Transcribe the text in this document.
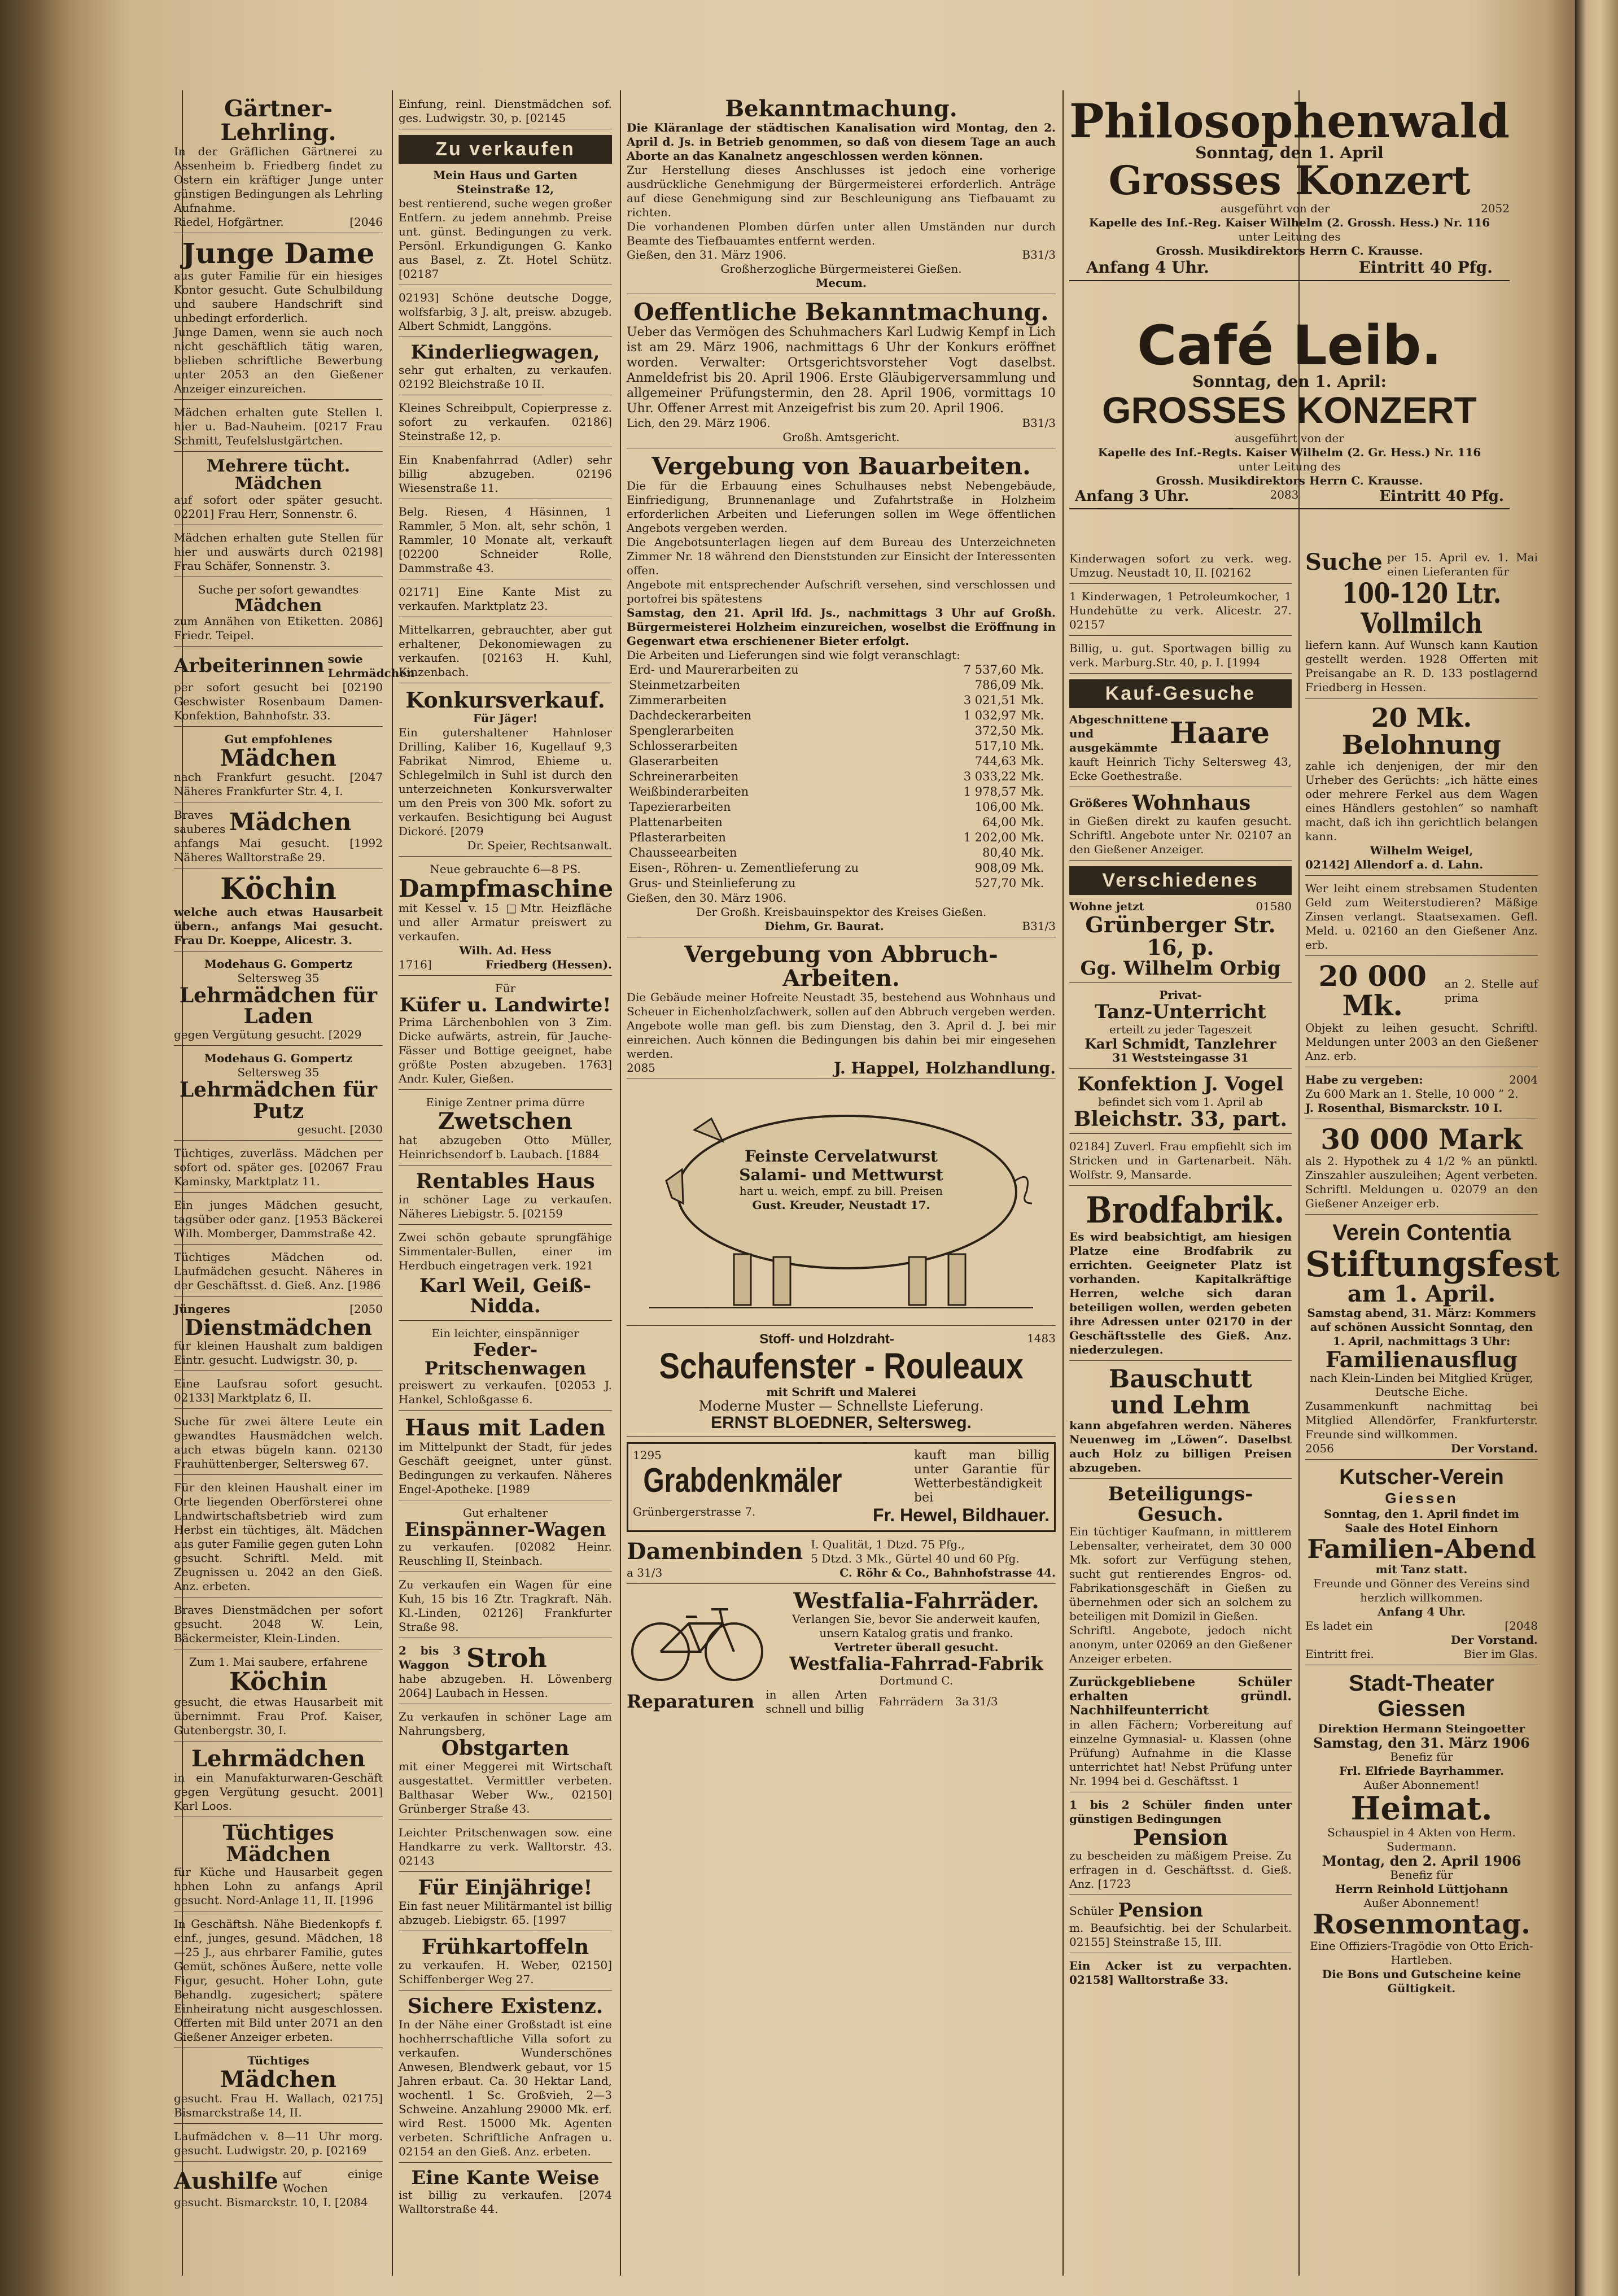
Gärtner-Lehrling.
In der Gräflichen Gärtnerei zu Assenheim b. Friedberg findet zu Ostern ein kräftiger Junge unter günstigen Bedingungen als Lehrling Aufnahme.
Riedel, Hofgärtner.	[2046
Junge Dame
aus guter Familie für ein hiesiges Kontor gesucht. Gute Schulbildung und saubere Handschrift sind unbedingt erforderlich.
Junge Damen, wenn sie auch noch nicht geschäftlich tätig waren, belieben schriftliche Bewerbung unter 2053 an den Gießener Anzeiger einzureichen.
Mädchen erhalten gute Stellen l. hier u. Bad-Nauheim. [0217 Frau Schmitt, Teufelslustgärtchen.
Mehrere tücht. Mädchen
auf sofort oder später gesucht. 02201] Frau Herr, Sonnenstr. 6.
Mädchen erhalten gute Stellen für hier und auswärts durch 02198] Frau Schäfer, Sonnenstr. 3.
Suche per sofort gewandtes
Mädchen
zum Annähen von Etiketten. 2086] Friedr. Teipel.
Arbeiterinnen sowie Lehrmädchen
per sofort gesucht bei [02190 Geschwister Rosenbaum Damen-Konfektion, Bahnhofstr. 33.
Gut empfohlenes
Mädchen
nach Frankfurt gesucht. [2047 Näheres Frankfurter Str. 4, I.
Braves sauberes Mädchen
anfangs Mai gesucht. [1992 Näheres Walltorstraße 29.
Köchin
welche auch etwas Hausarbeit übern., anfangs Mai gesucht. Frau Dr. Koeppe, Alicestr. 3.
Modehaus G. Gompertz
Seltersweg 35
Lehrmädchen für Laden
gegen Vergütung gesucht. [2029
Modehaus G. Gompertz
Seltersweg 35
Lehrmädchen für Putz
gesucht. [2030
Tüchtiges, zuverläss. Mädchen per sofort od. später ges. [02067 Frau Kaminsky, Marktplatz 11.
Ein junges Mädchen gesucht, tagsüber oder ganz. [1953 Bäckerei Wilh. Momberger, Dammstraße 42.
Tüchtiges Mädchen od. Laufmädchen gesucht. Näheres in der Geschäftsst. d. Gieß. Anz. [1986
Jüngeres	[2050
Dienstmädchen
für kleinen Haushalt zum baldigen Eintr. gesucht. Ludwigstr. 30, p.
Eine Laufsrau sofort gesucht. 02133] Marktplatz 6, II.
Suche für zwei ältere Leute ein gewandtes Hausmädchen welch. auch etwas bügeln kann. 02130 Frauhüttenberger, Seltersweg 67.
Für den kleinen Haushalt einer im Orte liegenden Oberförsterei ohne Landwirtschaftsbetrieb wird zum Herbst ein tüchtiges, ält. Mädchen aus guter Familie gegen guten Lohn gesucht. Schriftl. Meld. mit Zeugnissen u. 2042 an den Gieß. Anz. erbeten.
Braves Dienstmädchen per sofort gesucht. 2048 W. Lein, Bäckermeister, Klein-Linden.
Zum 1. Mai saubere, erfahrene
Köchin
gesucht, die etwas Hausarbeit mit übernimmt. Frau Prof. Kaiser, Gutenbergstr. 30, I.
Lehrmädchen
in ein Manufakturwaren-Geschäft gegen Vergütung gesucht. 2001] Karl Loos.
Tüchtiges Mädchen
für Küche und Hausarbeit gegen hohen Lohn zu anfangs April gesucht. Nord-Anlage 11, II. [1996
In Geschäftsh. Nähe Biedenkopfs f. einf., junges, gesund. Mädchen, 18—25 J., aus ehrbarer Familie, gutes Gemüt, schönes Äußere, nette volle Figur, gesucht. Hoher Lohn, gute Behandlg. zugesichert; spätere Einheiratung nicht ausgeschlossen. Offerten mit Bild unter 2071 an den Gießener Anzeiger erbeten.
Tüchtiges
Mädchen
gesucht. Frau H. Wallach, 02175] Bismarckstraße 14, II.
Laufmädchen v. 8—11 Uhr morg. gesucht. Ludwigstr. 20, p. [02169
Aushilfe auf einige Wochen
gesucht. Bismarckstr. 10, I. [2084
Einfung, reinl. Dienstmädchen sof. ges. Ludwigstr. 30, p. [02145
Zu verkaufen
Mein Haus und Garten Steinstraße 12,
best rentierend, suche wegen großer Entfern. zu jedem annehmb. Preise unt. günst. Bedingungen zu verk. Persönl. Erkundigungen G. Kanko aus Basel, z. Zt. Hotel Schütz. [02187
02193] Schöne deutsche Dogge, wolfsfarbig, 3 J. alt, preisw. abzugeb. Albert Schmidt, Langgöns.
Kinderliegwagen,
sehr gut erhalten, zu verkaufen. 02192 Bleichstraße 10 II.
Kleines Schreibpult, Copierpresse z. sofort zu verkaufen. 02186] Steinstraße 12, p.
Ein Knabenfahrrad (Adler) sehr billig abzugeben. 02196 Wiesenstraße 11.
Belg. Riesen, 4 Häsinnen, 1 Rammler, 5 Mon. alt, sehr schön, 1 Rammler, 10 Monate alt, verkauft [02200 Schneider Rolle, Dammstraße 43.
02171] Eine Kante Mist zu verkaufen. Marktplatz 23.
Mittelkarren, gebrauchter, aber gut erhaltener, Dekonomiewagen zu verkaufen. [02163 H. Kuhl, Kinzenbach.
Konkursverkauf.
Für Jäger!
Ein gutershaltener Hahnloser Drilling, Kaliber 16, Kugellauf 9,3 Fabrikat Nimrod, Ehieme u. Schlegelmilch in Suhl ist durch den unterzeichneten Konkursverwalter um den Preis von 300 Mk. sofort zu verkaufen. Besichtigung bei August Dickoré. [2079
Dr. Speier, Rechtsanwalt.
Neue gebrauchte 6—8 PS.
Dampfmaschine
mit Kessel v. 15 □Mtr. Heizfläche und aller Armatur preiswert zu verkaufen.
Wilh. Ad. Hess
1716]	Friedberg (Hessen).
Für
Küfer u. Landwirte!
Prima Lärchenbohlen von 3 Zim. Dicke aufwärts, astrein, für Jauche-Fässer und Bottige geeignet, habe größte Posten abzugeben. 1763] Andr. Kuler, Gießen.
Einige Zentner prima dürre
Zwetschen
hat abzugeben Otto Müller, Heinrichsendorf b. Laubach. [1884
Rentables Haus
in schöner Lage zu verkaufen. Näheres Liebigstr. 5. [02159
Zwei schön gebaute sprungfähige Simmentaler-Bullen, einer im Herdbuch eingetragen verk. 1921
Karl Weil, Geiß-Nidda.
Ein leichter, einspänniger
Feder-Pritschenwagen
preiswert zu verkaufen. [02053 J. Hankel, Schloßgasse 6.
Haus mit Laden
im Mittelpunkt der Stadt, für jedes Geschäft geeignet, unter günst. Bedingungen zu verkaufen. Näheres Engel-Apotheke. [1989
Gut erhaltener
Einspänner-Wagen
zu verkaufen. [02082 Heinr. Reuschling II, Steinbach.
Zu verkaufen ein Wagen für eine Kuh, 15 bis 16 Ztr. Tragkraft. Näh. Kl.-Linden, 02126] Frankfurter Straße 98.
2 bis 3 Waggon Stroh
habe abzugeben. H. Löwenberg 2064] Laubach in Hessen.
Zu verkaufen in schöner Lage am Nahrungsberg,
Obstgarten
mit einer Meggerei mit Wirtschaft ausgestattet. Vermittler verbeten. Balthasar Weber Ww., 02150] Grünberger Straße 43.
Leichter Pritschenwagen sow. eine Handkarre zu verk. Walltorstr. 43. 02143
Für Einjährige!
Ein fast neuer Militärmantel ist billig abzugeb. Liebigstr. 65. [1997
Frühkartoffeln
zu verkaufen. H. Weber, 02150] Schiffenberger Weg 27.
Sichere Existenz.
In der Nähe einer Großstadt ist eine hochherrschaftliche Villa sofort zu verkaufen. Wunderschönes Anwesen, Blendwerk gebaut, vor 15 Jahren erbaut. Ca. 30 Hektar Land, wochentl. 1 Sc. Großvieh, 2—3 Schweine. Anzahlung 29000 Mk. erf. wird Rest. 15000 Mk. Agenten verbeten. Schriftliche Anfragen u. 02154 an den Gieß. Anz. erbeten.
Eine Kante Weise
ist billig zu verkaufen. [2074 Walltorstraße 44.
Bekanntmachung.
Die Kläranlage der städtischen Kanalisation wird Montag, den 2. April d. Js. in Betrieb genommen, so daß von diesem Tage an auch Aborte an das Kanalnetz angeschlossen werden können.
Zur Herstellung dieses Anschlusses ist jedoch eine vorherige ausdrückliche Genehmigung der Bürgermeisterei erforderlich. Anträge auf diese Genehmigung sind zur Beschleunigung ans Tiefbauamt zu richten.
Die vorhandenen Plomben dürfen unter allen Umständen nur durch Beamte des Tiefbauamtes entfernt werden.
Gießen, den 31. März 1906.	B31/3
Großherzogliche Bürgermeisterei Gießen.
Mecum.
Oeffentliche Bekanntmachung.
Ueber das Vermögen des Schuhmachers Karl Ludwig Kempf in Lich ist am 29. März 1906, nachmittags 6 Uhr der Konkurs eröffnet worden. Verwalter: Ortsgerichtsvorsteher Vogt daselbst. Anmeldefrist bis 20. April 1906. Erste Gläubigerversammlung und allgemeiner Prüfungstermin, den 28. April 1906, vormittags 10 Uhr. Offener Arrest mit Anzeigefrist bis zum 20. April 1906.
Lich, den 29. März 1906.	B31/3
Großh. Amtsgericht.
Vergebung von Bauarbeiten.
Die für die Erbauung eines Schulhauses nebst Nebengebäude, Einfriedigung, Brunnenanlage und Zufahrtstraße in Holzheim erforderlichen Arbeiten und Lieferungen sollen im Wege öffentlichen Angebots vergeben werden.
Die Angebotsunterlagen liegen auf dem Bureau des Unterzeichneten Zimmer Nr. 18 während den Dienststunden zur Einsicht der Interessenten offen.
Angebote mit entsprechender Aufschrift versehen, sind verschlossen und portofrei bis spätestens
Samstag, den 21. April lfd. Js., nachmittags 3 Uhr auf Großh. Bürgermeisterei Holzheim einzureichen, woselbst die Eröffnung in Gegenwart etwa erschienener Bieter erfolgt.
Die Arbeiten und Lieferungen sind wie folgt veranschlagt:
Erd- und Maurerarbeiten zu	7 537,60	Mk.
Steinmetzarbeiten	786,09	Mk.
Zimmerarbeiten	3 021,51	Mk.
Dachdeckerarbeiten	1 032,97	Mk.
Spenglerarbeiten	372,50	Mk.
Schlosserarbeiten	517,10	Mk.
Glaserarbeiten	744,63	Mk.
Schreinerarbeiten	3 033,22	Mk.
Weißbinderarbeiten	1 978,57	Mk.
Tapezierarbeiten	106,00	Mk.
Plattenarbeiten	64,00	Mk.
Pflasterarbeiten	1 202,00	Mk.
Chausseearbeiten	80,40	Mk.
Eisen-, Röhren- u. Zementlieferung zu	908,09	Mk.
Grus- und Steinlieferung zu	527,70	Mk.
Gießen, den 30. März 1906.
Der Großh. Kreisbauinspektor des Kreises Gießen.
Diehm, Gr. Baurat.	B31/3
Vergebung von Abbruch-Arbeiten.
Die Gebäude meiner Hofreite Neustadt 35, bestehend aus Wohnhaus und Scheuer in Eichenholzfachwerk, sollen auf den Abbruch vergeben werden.
Angebote wolle man gefl. bis zum Dienstag, den 3. April d. J. bei mir einreichen. Auch können die Bedingungen bis dahin bei mir eingesehen werden.
2085	J. Happel, Holzhandlung.
Feinste Cervelatwurst Salami- und Mettwurst
hart u. weich, empf. zu bill. Preisen
Gust. Kreuder, Neustadt 17.
Stoff- und Holzdraht-	1483
Schaufenster - Rouleaux
mit Schrift und Malerei
Moderne Muster — Schnellste Lieferung.
ERNST BLOEDNER, Seltersweg.
1295
Grabdenkmäler
kauft man billig unter Garantie für Wetterbeständigkeit bei
Grünbergerstrasse 7.	Fr. Hewel, Bildhauer.
Damenbinden I. Qualität, 1 Dtzd. 75 Pfg.,
5 Dtzd. 3 Mk., Gürtel 40 und 60 Pfg.
a 31/3	C. Röhr & Co., Bahnhofstrasse 44.
Westfalia-Fahrräder.
Verlangen Sie, bevor Sie anderweit kaufen, unsern Katalog gratis und franko.
Vertreter überall gesucht.
Westfalia-Fahrrad-Fabrik
Dortmund C.
Reparaturen in allen Arten schnell und billig
Fahrrädern 3a 31/3
Philosophenwald
Sonntag, den 1. April
Grosses Konzert
ausgeführt von der	2052
Kapelle des Inf.-Reg. Kaiser Wilhelm (2. Grossh. Hess.) Nr. 116
unter Leitung des
Grossh. Musikdirektors Herrn C. Krausse.
Anfang 4 Uhr.	Eintritt 40 Pfg.
Café Leib.
Sonntag, den 1. April:
GROSSES KONZERT
ausgeführt von der
Kapelle des Inf.-Regts. Kaiser Wilhelm (2. Gr. Hess.) Nr. 116
unter Leitung des
Grossh. Musikdirektors Herrn C. Krausse.
Anfang 3 Uhr.	2083	Eintritt 40 Pfg.
Kinderwagen sofort zu verk. weg. Umzug. Neustadt 10, II. [02162
1 Kinderwagen, 1 Petroleumkocher, 1 Hundehütte zu verk. Alicestr. 27. 02157
Billig, u. gut. Sportwagen billig zu verk. Marburg.Str. 40, p. I. [1994
Kauf-Gesuche
Abgeschnittene und ausgekämmte Haare
kauft Heinrich Tichy Seltersweg 43, Ecke Goethestraße.
Größeres Wohnhaus
in Gießen direkt zu kaufen gesucht. Schriftl. Angebote unter Nr. 02107 an den Gießener Anzeiger.
Verschiedenes
Wohne jetzt	01580
Grünberger Str. 16, p.
Gg. Wilhelm Orbig
Privat-
Tanz-Unterricht
erteilt zu jeder Tageszeit
Karl Schmidt, Tanzlehrer
31 Weststeingasse 31
Konfektion J. Vogel
befindet sich vom 1. April ab
Bleichstr. 33, part.
02184] Zuverl. Frau empfiehlt sich im Stricken und in Gartenarbeit. Näh. Wolfstr. 9, Mansarde.
Brodfabrik.
Es wird beabsichtigt, am hiesigen Platze eine Brodfabrik zu errichten. Geeigneter Platz ist vorhanden. Kapitalkräftige Herren, welche sich daran beteiligen wollen, werden gebeten ihre Adressen unter 02170 in der Geschäftsstelle des Gieß. Anz. niederzulegen.
Bauschutt
und Lehm
kann abgefahren werden. Näheres Neuenweg im „Löwen“. Daselbst auch Holz zu billigen Preisen abzugeben.
Beteiligungs-Gesuch.
Ein tüchtiger Kaufmann, in mittlerem Lebensalter, verheiratet, dem 30 000 Mk. sofort zur Verfügung stehen, sucht gut rentierendes Engros- od. Fabrikationsgeschäft in Gießen zu übernehmen oder sich an solchem zu beteiligen mit Domizil in Gießen.
Schriftl. Angebote, jedoch nicht anonym, unter 02069 an den Gießener Anzeiger erbeten.
Zurückgebliebene Schüler erhalten gründl. Nachhilfeunterricht
in allen Fächern; Vorbereitung auf einzelne Gymnasial- u. Klassen (ohne Prüfung) Aufnahme in die Klasse unterrichtet hat! Nebst Prüfung unter Nr. 1994 bei d. Geschäftsst. 1
1 bis 2 Schüler finden unter günstigen Bedingungen
Pension
zu bescheiden zu mäßigem Preise. Zu erfragen in d. Geschäftsst. d. Gieß. Anz. [1723
Schüler Pension
m. Beaufsichtig. bei der Schularbeit. 02155] Steinstraße 15, III.
Ein Acker ist zu verpachten. 02158] Walltorstraße 33.
Suche per 15. April ev. 1. Mai einen Lieferanten für
100-120 Ltr. Vollmilch
liefern kann. Auf Wunsch kann Kaution gestellt werden. 1928 Offerten mit Preisangabe an R. D. 133 postlagernd Friedberg in Hessen.
20 Mk. Belohnung
zahle ich denjenigen, der mir den Urheber des Gerüchts: „ich hätte eines oder mehrere Ferkel aus dem Wagen eines Händlers gestohlen“ so namhaft macht, daß ich ihn gerichtlich belangen kann.
Wilhelm Weigel,
02142] Allendorf a. d. Lahn.
Wer leiht einem strebsamen Studenten Geld zum Weiterstudieren? Mäßige Zinsen verlangt. Staatsexamen. Gefl. Meld. u. 02160 an den Gießener Anz. erb.
20 000 Mk.
an 2. Stelle auf prima
Objekt zu leihen gesucht. Schriftl. Meldungen unter 2003 an den Gießener Anz. erb.
Habe zu vergeben:	2004
Zu 600 Mark an 1. Stelle, 10 000 ” 2.
J. Rosenthal, Bismarckstr. 10 I.
30 000 Mark
als 2. Hypothek zu 4 1/2 % an pünktl. Zinszahler auszuleihen; Agent verbeten. Schriftl. Meldungen u. 02079 an den Gießener Anzeiger erb.
Verein Contentia
Stiftungsfest
am 1. April.
Samstag abend, 31. März: Kommers auf schönen Aussicht Sonntag, den 1. April, nachmittags 3 Uhr:
Familienausflug
nach Klein-Linden bei Mitglied Krüger, Deutsche Eiche.
Zusammenkunft nachmittag bei Mitglied Allendörfer, Frankfurterstr. Freunde sind willkommen.
2056	Der Vorstand.
Kutscher-Verein
Giessen
Sonntag, den 1. April findet im Saale des Hotel Einhorn
Familien-Abend
mit Tanz statt.
Freunde und Gönner des Vereins sind herzlich willkommen.
Anfang 4 Uhr.
Es ladet ein	[2048
Der Vorstand.
Eintritt frei.	Bier im Glas.
Stadt-Theater Giessen
Direktion Hermann Steingoetter
Samstag, den 31. März 1906
Benefiz für
Frl. Elfriede Bayrhammer.
Außer Abonnement!
Heimat.
Schauspiel in 4 Akten von Herm. Sudermann.
Montag, den 2. April 1906
Benefiz für
Herrn Reinhold Lüttjohann
Außer Abonnement!
Rosenmontag.
Eine Offiziers-Tragödie von Otto Erich-Hartleben.
Die Bons und Gutscheine keine Gültigkeit.
